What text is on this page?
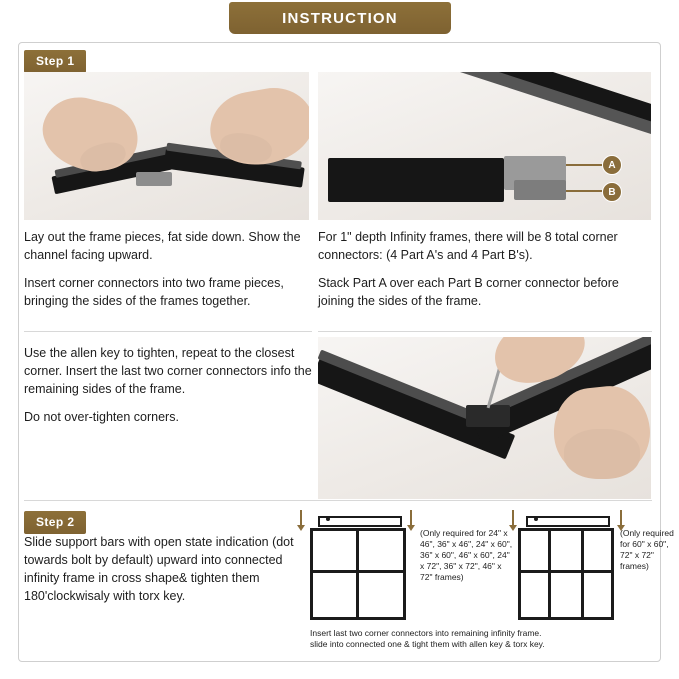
INSTRUCTION
Step 1
A
B

Lay out the frame pieces, fat side down. Show the channel facing upward.

Insert corner connectors into two frame pieces, bringing the sides of the frames together.

For 1" depth Infinity frames, there will be 8 total corner connectors: (4 Part A's and 4 Part B's).

Stack Part A over each Part B corner connector before joining the sides of the frame.

Use the allen key to tighten, repeat to the closest corner. Insert the last two corner connectors info the remaining sides of the frame.

Do not over-tighten corners.

Step 2

Slide support bars with open state indication (dot towards bolt by default) upward into connected infinity frame in cross shape& tighten them 180'clockwisaly with torx key.

(Only required for 24" x 46", 36" x 46", 24" x 60", 36" x 60", 46" x 60", 24" x 72", 36" x 72", 46" x 72" frames)
(Only required for 60" x 60", 72" x 72" frames)
Insert last two corner connectors into remaining infinity frame.
slide into connected one & tight them with allen key & torx key.
